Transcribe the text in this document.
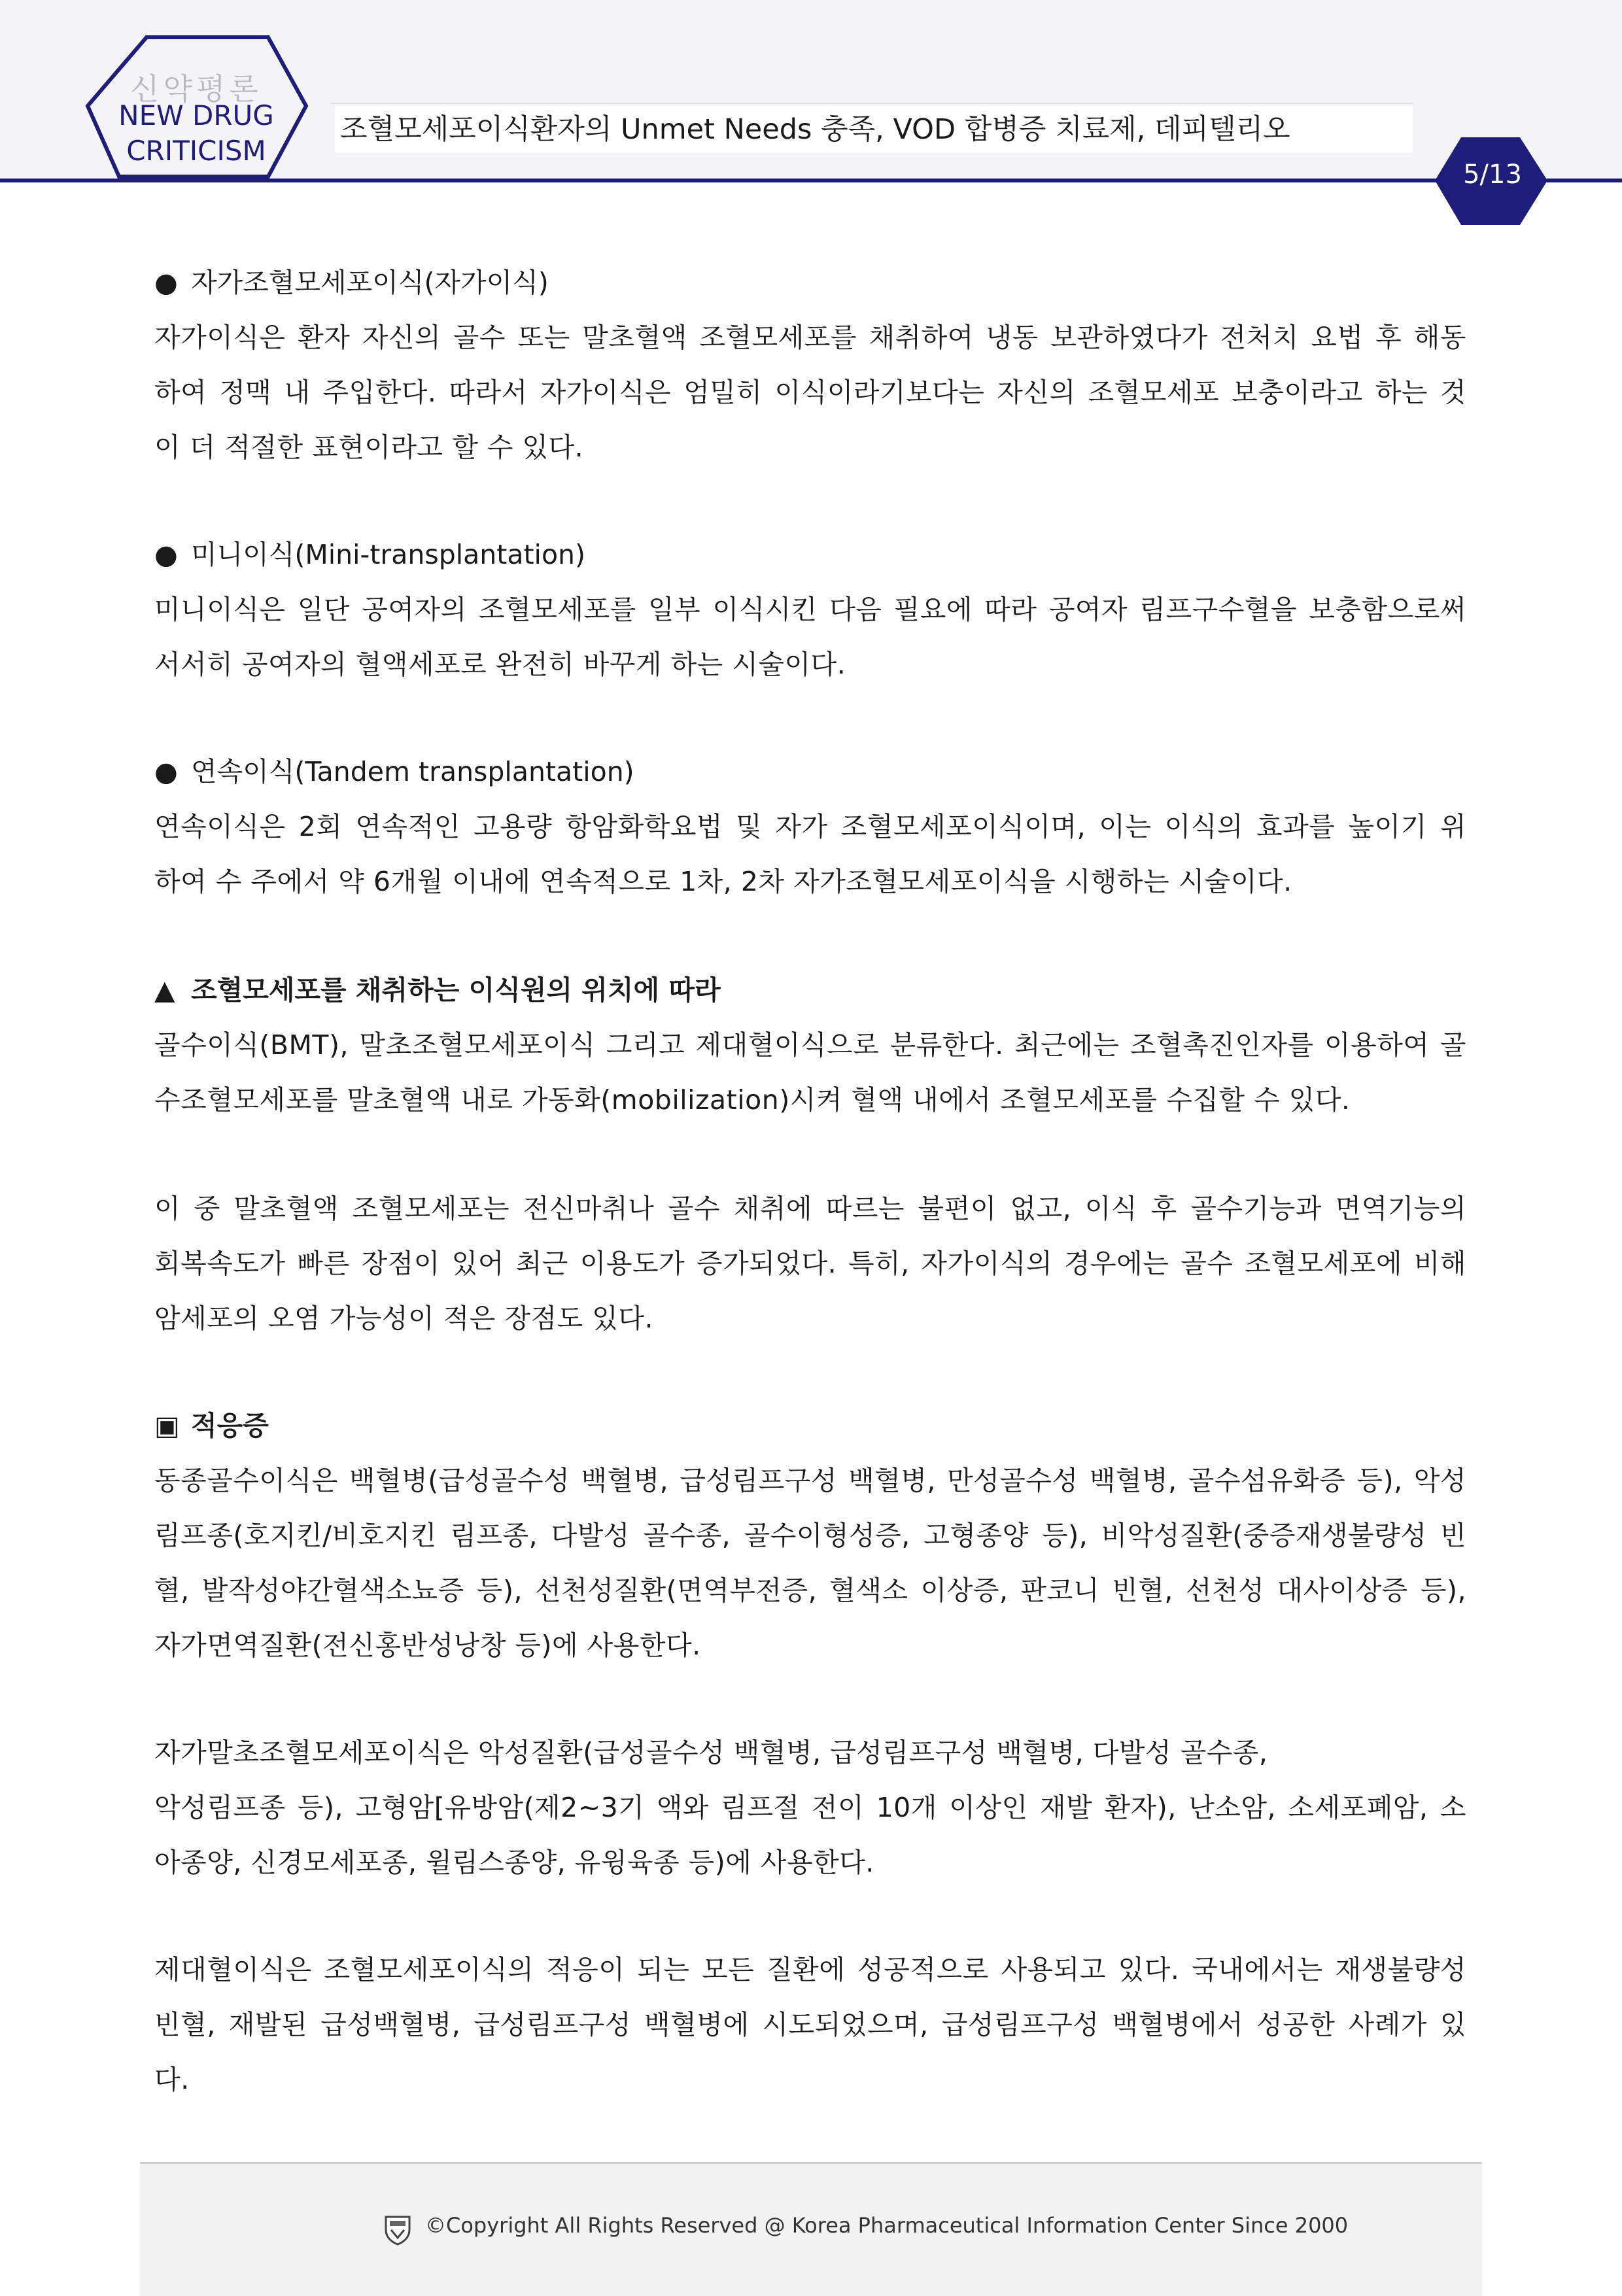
신약평론
NEW DRUG
CRITICISM
조혈모세포이식환자의 Unmet Needs 충족, VOD 합병증 치료제, 데피텔리오
5/13
● 자가조혈모세포이식(자가이식)
자가이식은 환자 자신의 골수 또는 말초혈액 조혈모세포를 채취하여 냉동 보관하였다가 전처치 요법 후 해동
하여 정맥 내 주입한다. 따라서 자가이식은 엄밀히 이식이라기보다는 자신의 조혈모세포 보충이라고 하는 것
이 더 적절한 표현이라고 할 수 있다.
● 미니이식(Mini-transplantation)
미니이식은 일단 공여자의 조혈모세포를 일부 이식시킨 다음 필요에 따라 공여자 림프구수혈을 보충함으로써
서서히 공여자의 혈액세포로 완전히 바꾸게 하는 시술이다.
● 연속이식(Tandem transplantation)
연속이식은 2회 연속적인 고용량 항암화학요법 및 자가 조혈모세포이식이며, 이는 이식의 효과를 높이기 위
하여 수 주에서 약 6개월 이내에 연속적으로 1차, 2차 자가조혈모세포이식을 시행하는 시술이다.
▲ 조혈모세포를 채취하는 이식원의 위치에 따라
골수이식(BMT), 말초조혈모세포이식 그리고 제대혈이식으로 분류한다. 최근에는 조혈촉진인자를 이용하여 골
수조혈모세포를 말초혈액 내로 가동화(mobilization)시켜 혈액 내에서 조혈모세포를 수집할 수 있다.
이 중 말초혈액 조혈모세포는 전신마취나 골수 채취에 따르는 불편이 없고, 이식 후 골수기능과 면역기능의
회복속도가 빠른 장점이 있어 최근 이용도가 증가되었다. 특히, 자가이식의 경우에는 골수 조혈모세포에 비해
암세포의 오염 가능성이 적은 장점도 있다.
▣ 적응증
동종골수이식은 백혈병(급성골수성 백혈병, 급성림프구성 백혈병, 만성골수성 백혈병, 골수섬유화증 등), 악성
림프종(호지킨/비호지킨 림프종, 다발성 골수종, 골수이형성증, 고형종양 등), 비악성질환(중증재생불량성 빈
혈, 발작성야간혈색소뇨증 등), 선천성질환(면역부전증, 혈색소 이상증, 판코니 빈혈, 선천성 대사이상증 등),
자가면역질환(전신홍반성낭창 등)에 사용한다.
자가말초조혈모세포이식은 악성질환(급성골수성 백혈병, 급성림프구성 백혈병, 다발성 골수종,
악성림프종 등), 고형암[유방암(제2~3기 액와 림프절 전이 10개 이상인 재발 환자), 난소암, 소세포폐암, 소
아종양, 신경모세포종, 윌림스종양, 유윙육종 등)에 사용한다.
제대혈이식은 조혈모세포이식의 적응이 되는 모든 질환에 성공적으로 사용되고 있다. 국내에서는 재생불량성
빈혈, 재발된 급성백혈병, 급성림프구성 백혈병에 시도되었으며, 급성림프구성 백혈병에서 성공한 사례가 있
다.
©Copyright All Rights Reserved @ Korea Pharmaceutical Information Center Since 2000
